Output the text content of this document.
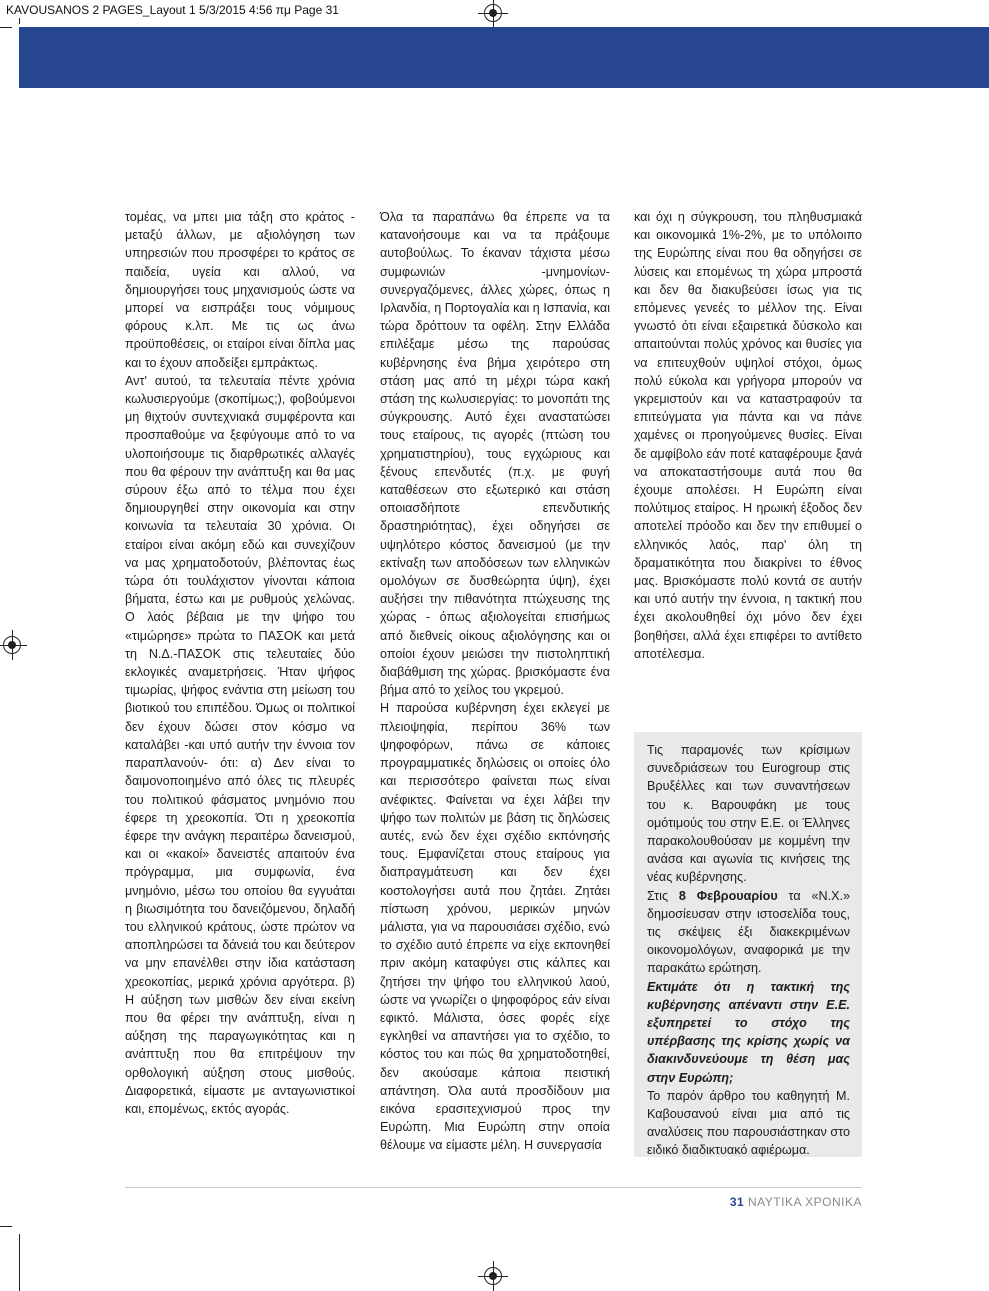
KAVOUSANOS 2 PAGES_Layout 1 5/3/2015 4:56 πμ Page 31

τομέας, να μπει μια τάξη στο κράτος - μεταξύ άλλων, με αξιολόγηση των υπηρεσιών που προσφέρει το κράτος σε παιδεία, υγεία και αλλού, να δημιουργήσει τους μηχανισμούς ώστε να μπορεί να εισπράξει τους νόμιμους φόρους κ.λπ. Με τις ως άνω προϋποθέσεις, οι εταίροι είναι δίπλα μας και το έχουν αποδείξει εμπράκτως.

Αντ' αυτού, τα τελευταία πέντε χρόνια κωλυσιεργούμε (σκοπίμως;), φοβούμενοι μη θιχτούν συντεχνιακά συμφέροντα και προσπαθούμε να ξεφύγουμε από το να υλοποιήσουμε τις διαρθρωτικές αλλαγές που θα φέρουν την ανάπτυξη και θα μας σύρουν έξω από το τέλμα που έχει δημιουργηθεί στην οικονομία και στην κοινωνία τα τελευταία 30 χρόνια. Οι εταίροι είναι ακόμη εδώ και συνεχίζουν να μας χρηματοδοτούν, βλέποντας έως τώρα ότι τουλάχιστον γίνονται κάποια βήματα, έστω και με ρυθμούς χελώνας. Ο λαός βέβαια με την ψήφο του «τιμώρησε» πρώτα το ΠΑΣΟΚ και μετά τη Ν.Δ.-ΠΑΣΟΚ στις τελευταίες δύο εκλογικές αναμετρήσεις. Ήταν ψήφος τιμωρίας, ψήφος ενάντια στη μείωση του βιοτικού του επιπέδου. Όμως οι πολιτικοί δεν έχουν δώσει στον κόσμο να καταλάβει -και υπό αυτήν την έννοια τον παραπλανούν- ότι: α) Δεν είναι το δαιμονοποιημένο από όλες τις πλευρές του πολιτικού φάσματος μνημόνιο που έφερε τη χρεοκοπία. Ότι η χρεοκοπία έφερε την ανάγκη περαιτέρω δανεισμού, και οι «κακοί» δανειστές απαιτούν ένα πρόγραμμα, μια συμφωνία, ένα μνημόνιο, μέσω του οποίου θα εγγυάται η βιωσιμότητα του δανειζόμενου, δηλαδή του ελληνικού κράτους, ώστε πρώτον να αποπληρώσει τα δάνειά του και δεύτερον να μην επανέλθει στην ίδια κατάσταση χρεοκοπίας, μερικά χρόνια αργότερα. β) Η αύξηση των μισθών δεν είναι εκείνη που θα φέρει την ανάπτυξη, είναι η αύξηση της παραγωγικότητας και η ανάπτυξη που θα επιτρέψουν την ορθολογική αύξηση στους μισθούς. Διαφορετικά, είμαστε με ανταγωνιστικοί και, επομένως, εκτός αγοράς.

Όλα τα παραπάνω θα έπρεπε να τα κατανοήσουμε και να τα πράξουμε αυτοβούλως. Το έκαναν τάχιστα μέσω συμφωνιών -μνημονίων- συνεργαζόμενες, άλλες χώρες, όπως η Ιρλανδία, η Πορτογαλία και η Ισπανία, και τώρα δρόττουν τα οφέλη. Στην Ελλάδα επιλέξαμε μέσω της παρούσας κυβέρνησης ένα βήμα χειρότερο στη στάση μας από τη μέχρι τώρα κακή στάση της κωλυσιεργίας: το μονοπάτι της σύγκρουσης. Αυτό έχει αναστατώσει τους εταίρους, τις αγορές (πτώση του χρηματιστηρίου), τους εγχώριους και ξένους επενδυτές (π.χ. με φυγή καταθέσεων στο εξωτερικό και στάση οποιασδήποτε επενδυτικής δραστηριότητας), έχει οδηγήσει σε υψηλότερο κόστος δανεισμού (με την εκτίναξη των αποδόσεων των ελληνικών ομολόγων σε δυσθεώρητα ύψη), έχει αυξήσει την πιθανότητα πτώχευσης της χώρας - όπως αξιολογείται επισήμως από διεθνείς οίκους αξιολόγησης και οι οποίοι έχουν μειώσει την πιστοληπτική διαβάθμιση της χώρας. βρισκόμαστε ένα βήμα από το χείλος του γκρεμού.

Η παρούσα κυβέρνηση έχει εκλεγεί με πλειοψηφία, περίπου 36% των ψηφοφόρων, πάνω σε κάποιες προγραμματικές δηλώσεις οι οποίες όλο και περισσότερο φαίνεται πως είναι ανέφικτες. Φαίνεται να έχει λάβει την ψήφο των πολιτών με βάση τις δηλώσεις αυτές, ενώ δεν έχει σχέδιο εκπόνησής τους. Εμφανίζεται στους εταίρους για διαπραγμάτευση και δεν έχει κοστολογήσει αυτά που ζητάει. Ζητάει πίστωση χρόνου, μερικών μηνών μάλιστα, για να παρουσιάσει σχέδιο, ενώ το σχέδιο αυτό έπρεπε να είχε εκπονηθεί πριν ακόμη καταφύγει στις κάλπες και ζητήσει την ψήφο του ελληνικού λαού, ώστε να γνωρίζει ο ψηφοφόρος εάν είναι εφικτό. Μάλιστα, όσες φορές είχε εγκληθεί να απαντήσει για το σχέδιο, το κόστος του και πώς θα χρηματοδοτηθεί, δεν ακούσαμε κάποια πειστική απάντηση. Όλα αυτά προσδίδουν μια εικόνα ερασιτεχνισμού προς την Ευρώπη. Μια Ευρώπη στην οποία θέλουμε να είμαστε μέλη. Η συνεργασία

και όχι η σύγκρουση, του πληθυσμιακά και οικονομικά 1%-2%, με το υπόλοιπο της Ευρώπης είναι που θα οδηγήσει σε λύσεις και επομένως τη χώρα μπροστά και δεν θα διακυβεύσει ίσως για τις επόμενες γενεές το μέλλον της. Είναι γνωστό ότι είναι εξαιρετικά δύσκολο και απαιτούνται πολύς χρόνος και θυσίες για να επιτευχθούν υψηλοί στόχοι, όμως πολύ εύκολα και γρήγορα μπορούν να γκρεμιστούν και να καταστραφούν τα επιτεύγματα για πάντα και να πάνε χαμένες οι προηγούμενες θυσίες. Είναι δε αμφίβολο εάν ποτέ καταφέρουμε ξανά να αποκαταστήσουμε αυτά που θα έχουμε απολέσει. Η Ευρώπη είναι πολύτιμος εταίρος. Η ηρωική έξοδος δεν αποτελεί πρόοδο και δεν την επιθυμεί ο ελληνικός λαός, παρ' όλη τη δραματικότητα που διακρίνει το έθνος μας. Βρισκόμαστε πολύ κοντά σε αυτήν και υπό αυτήν την έννοια, η τακτική που έχει ακολουθηθεί όχι μόνο δεν έχει βοηθήσει, αλλά έχει επιφέρει το αντίθετο αποτέλεσμα.

Τις παραμονές των κρίσιμων συνεδριάσεων του Eurogroup στις Βρυξέλλες και των συναντήσεων του κ. Βαρουφάκη με τους ομότιμούς του στην Ε.Ε. οι Έλληνες παρακολουθούσαν με κομμένη την ανάσα και αγωνία τις κινήσεις της νέας κυβέρνησης.

Στις 8 Φεβρουαρίου τα «Ν.Χ.» δημοσίευσαν στην ιστοσελίδα τους, τις σκέψεις έξι διακεκριμένων οικονομολόγων, αναφορικά με την παρακάτω ερώτηση.

Εκτιμάτε ότι η τακτική της κυβέρνησης απέναντι στην Ε.Ε. εξυπηρετεί το στόχο της υπέρβασης της κρίσης χωρίς να διακινδυνεύουμε τη θέση μας στην Ευρώπη;

Το παρόν άρθρο του καθηγητή Μ. Καβουσανού είναι μια από τις αναλύσεις που παρουσιάστηκαν στο ειδικό διαδικτυακό αφιέρωμα.

31 ΝΑΥΤΙΚΑ ΧΡΟΝΙΚΑ
